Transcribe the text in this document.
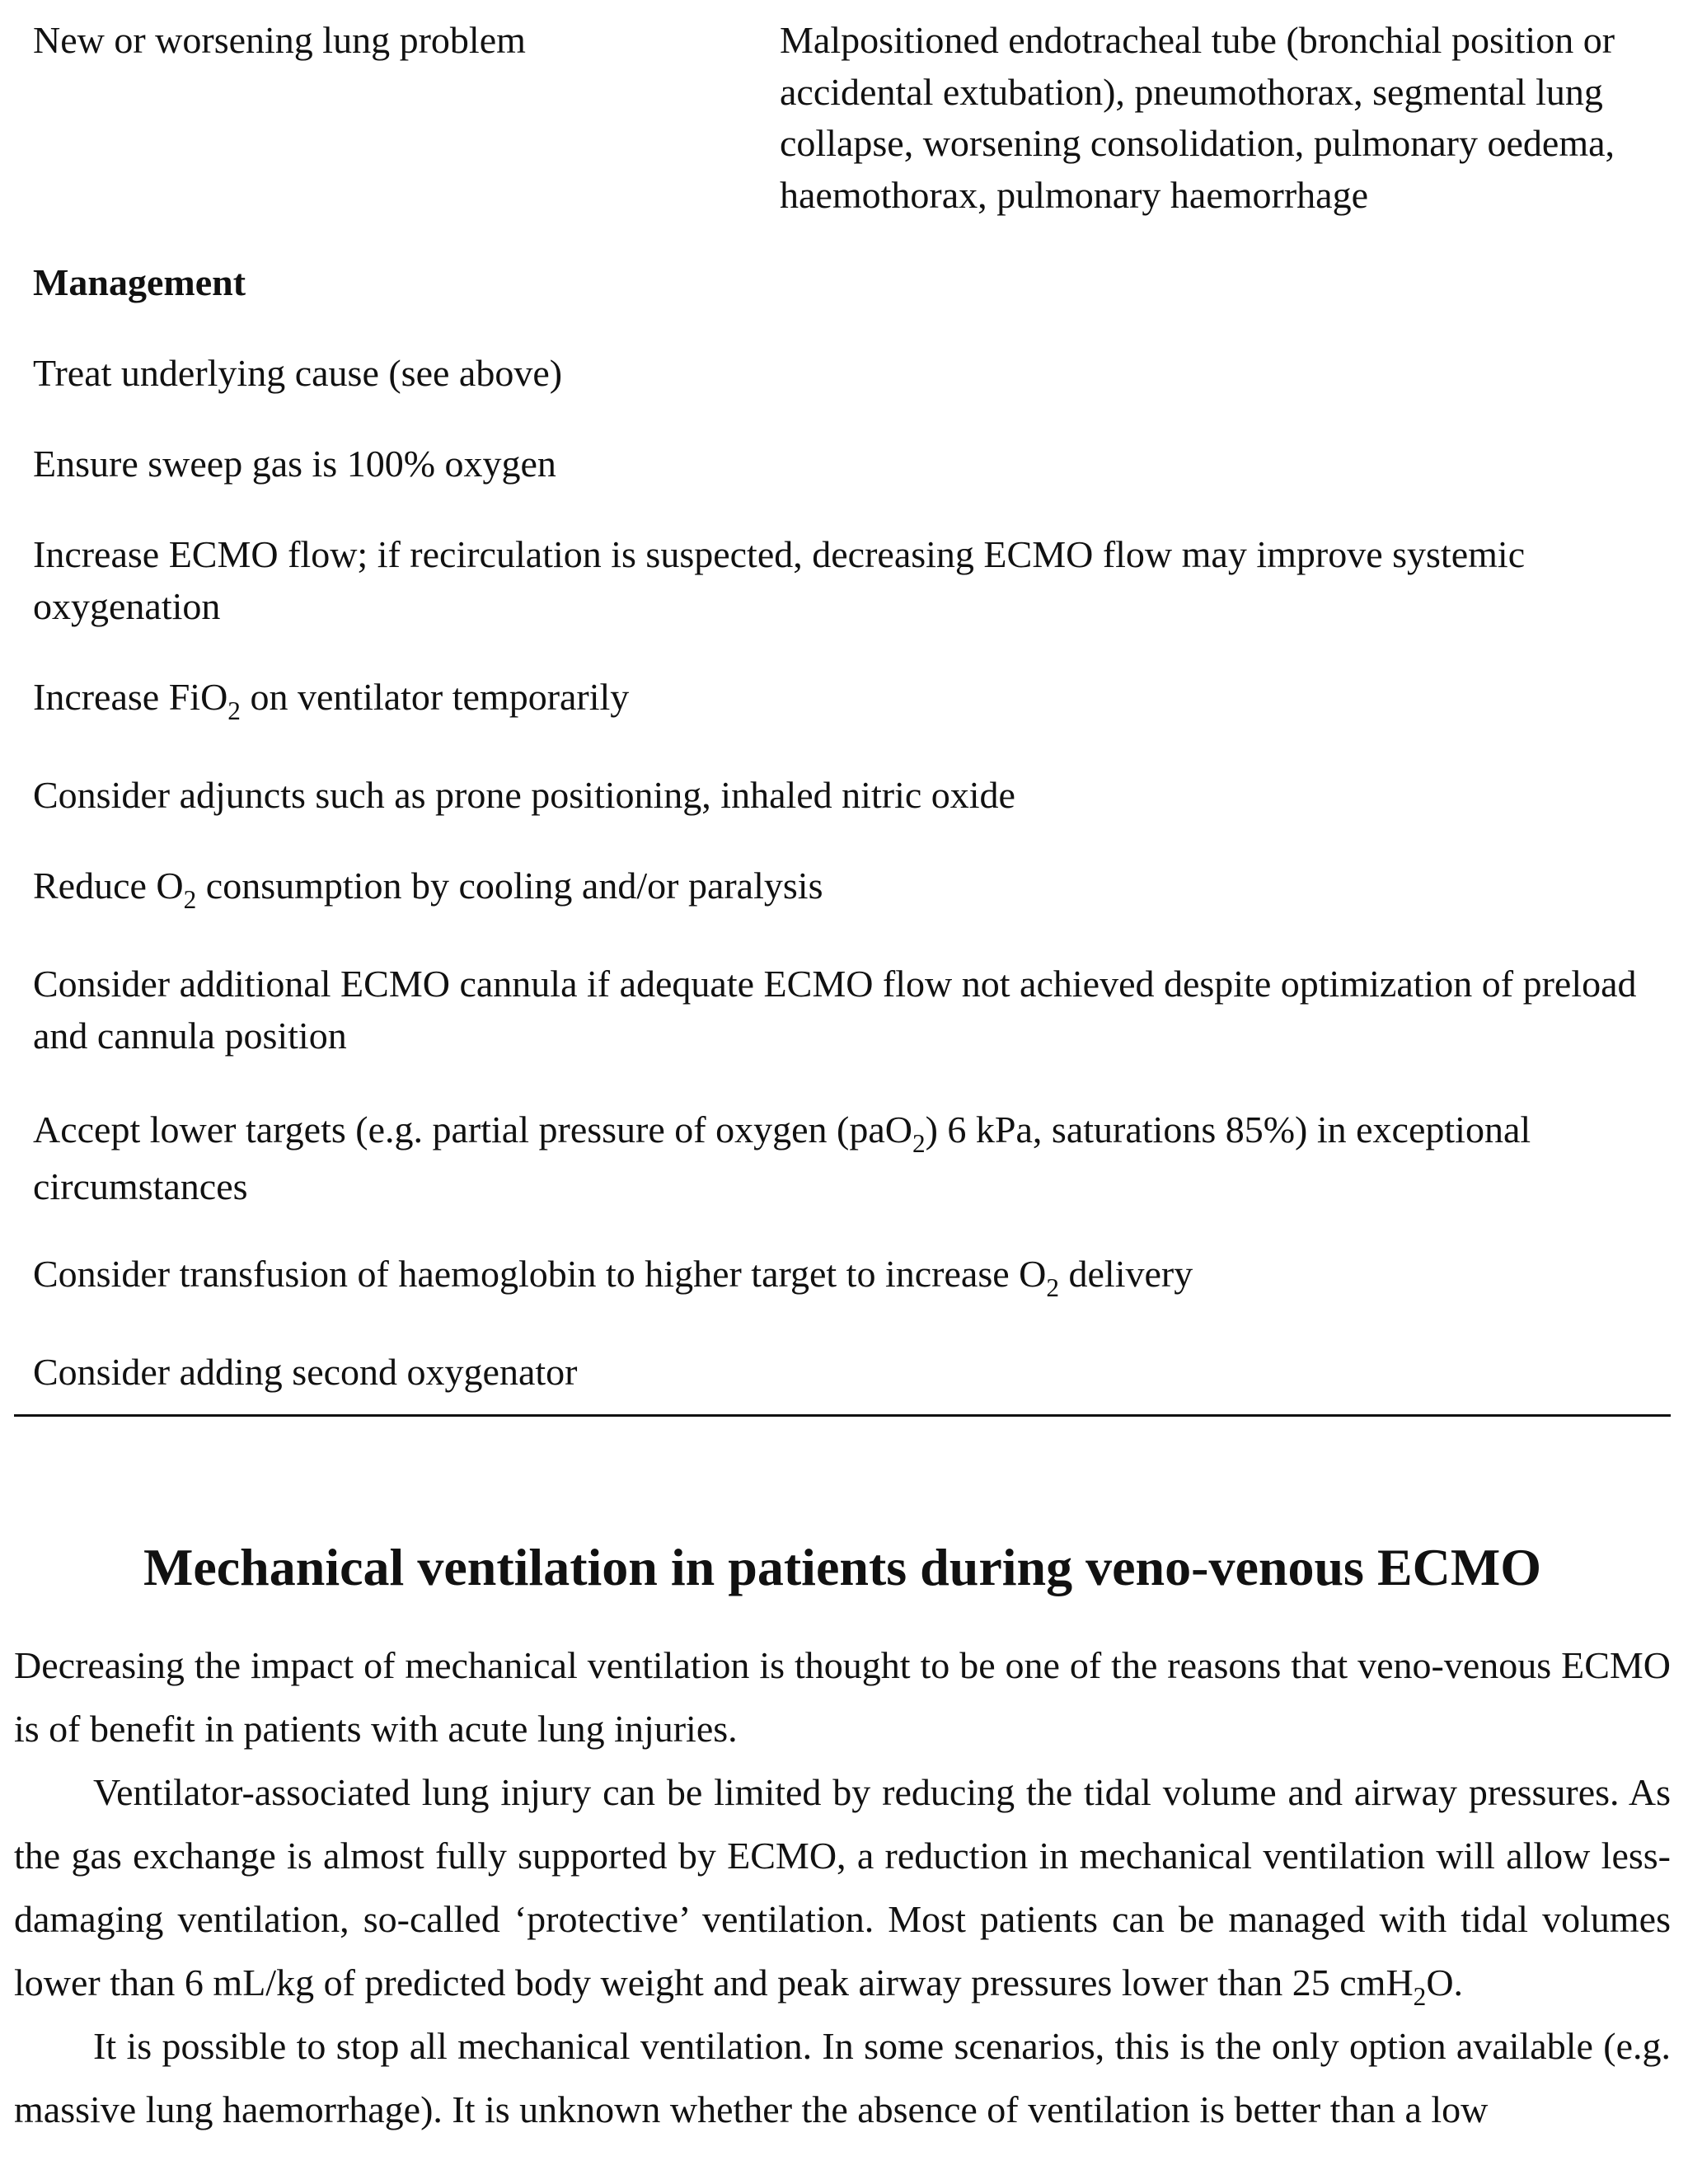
New or worsening lung problem	Malpositioned endotracheal tube (bronchial position or accidental extubation), pneumothorax, segmental lung collapse, worsening consolidation, pulmonary oedema, haemothorax, pulmonary haemorrhage
Management
Treat underlying cause (see above)
Ensure sweep gas is 100% oxygen
Increase ECMO flow; if recirculation is suspected, decreasing ECMO flow may improve systemic oxygenation
Increase FiO$_2$ on ventilator temporarily
Consider adjuncts such as prone positioning, inhaled nitric oxide
Reduce $O_2$ consumption by cooling and/or paralysis
Consider additional ECMO cannula if adequate ECMO flow not achieved despite optimization of preload and cannula position
Accept lower targets (e.g. partial pressure of oxygen (paO$_2$) 6 kPa, saturations 85%) in exceptional circumstances
Consider transfusion of haemoglobin to higher target to increase $O_2$ delivery
Consider adding second oxygenator
Mechanical ventilation in patients during veno-venous ECMO

Decreasing the impact of mechanical ventilation is thought to be one of the reasons that veno-venous ECMO is of benefit in patients with acute lung injuries.

Ventilator-associated lung injury can be limited by reducing the tidal volume and airway pressures. As the gas exchange is almost fully supported by ECMO, a reduction in mechanical ventilation will allow less-damaging ventilation, so-called ‘protective’ ventilation. Most patients can be managed with tidal volumes lower than 6 mL/kg of predicted body weight and peak airway pressures lower than 25 cmH$_2$O.

It is possible to stop all mechanical ventilation. In some scenarios, this is the only option available (e.g. massive lung haemorrhage). It is unknown whether the absence of ventilation is better than a low
